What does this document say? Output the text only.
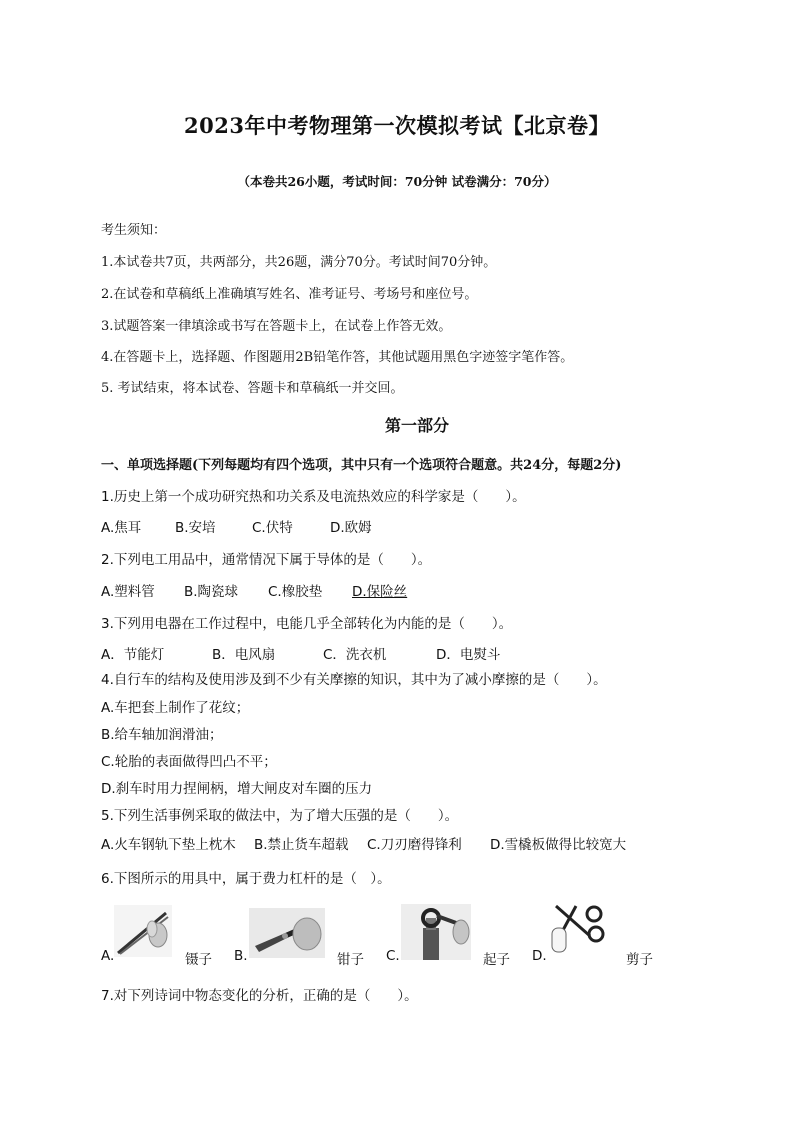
2023年中考物理第一次模拟考试【北京卷】
（本卷共26小题，考试时间：70分钟 试卷满分：70分）
考生须知：
1.本试卷共7页，共两部分，共26题，满分70分。考试时间70分钟。
2.在试卷和草稿纸上准确填写姓名、准考证号、考场号和座位号。
3.试题答案一律填涂或书写在答题卡上，在试卷上作答无效。
4.在答题卡上，选择题、作图题用2B铅笔作答，其他试题用黑色字迹签字笔作答。
5. 考试结束，将本试卷、答题卡和草稿纸一并交回。
第一部分
一、单项选择题(下列每题均有四个选项，其中只有一个选项符合题意。共24分，每题2分)
1.历史上第一个成功研究热和功关系及电流热效应的科学家是（　　）。
A.焦耳 B.安培	C.伏特	D.欧姆
2.下列电工用品中，通常情况下属于导体的是（　　）。
A.塑料管 B.陶瓷球 C.橡胶垫 D.保险丝
3.下列用电器在工作过程中，电能几乎全部转化为内能的是（　　）。
A．节能灯	B．电风扇	C．洗衣机	D．电熨斗
4.自行车的结构及使用涉及到不少有关摩擦的知识，其中为了减小摩擦的是（　　）。
A.车把套上制作了花纹；
B.给车轴加润滑油；
C.轮胎的表面做得凹凸不平；
D.刹车时用力捏闸柄，增大闸皮对车圈的压力
5.下列生活事例采取的做法中，为了增大压强的是（　　）。
A.火车钢轨下垫上枕木 B.禁止货车超载 C.刀刃磨得锋利 D.雪橇板做得比较宽大
6.下图所示的用具中，属于费力杠杆的是（　）。
A.	镊子 B.	钳子 C.	起子 D.	剪子
7.对下列诗词中物态变化的分析，正确的是（　　）。
